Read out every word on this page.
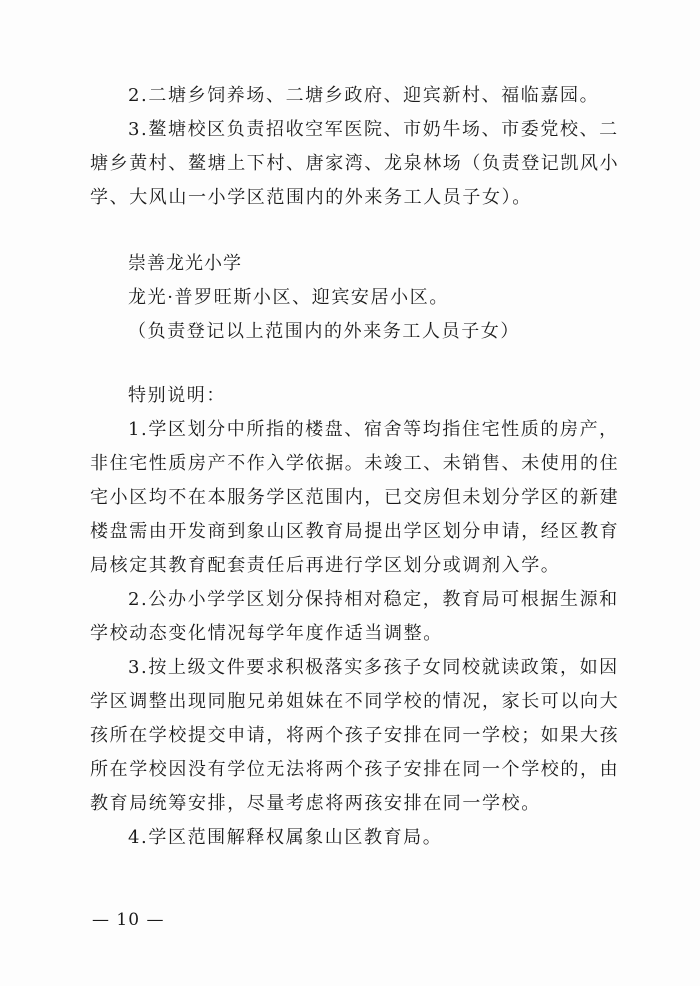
2.二塘乡饲养场、二塘乡政府、迎宾新村、福临嘉园。
3.鳌塘校区负责招收空军医院、市奶牛场、市委党校、二
塘乡黄村、鳌塘上下村、唐家湾、龙泉林场（负责登记凯风小
学、大风山一小学区范围内的外来务工人员子女）。
崇善龙光小学
龙光·普罗旺斯小区、迎宾安居小区。
（负责登记以上范围内的外来务工人员子女）
特别说明：
1.学区划分中所指的楼盘、宿舍等均指住宅性质的房产，
非住宅性质房产不作入学依据。未竣工、未销售、未使用的住
宅小区均不在本服务学区范围内，已交房但未划分学区的新建
楼盘需由开发商到象山区教育局提出学区划分申请，经区教育
局核定其教育配套责任后再进行学区划分或调剂入学。
2.公办小学学区划分保持相对稳定，教育局可根据生源和
学校动态变化情况每学年度作适当调整。
3.按上级文件要求积极落实多孩子女同校就读政策，如因
学区调整出现同胞兄弟姐妹在不同学校的情况，家长可以向大
孩所在学校提交申请，将两个孩子安排在同一学校；如果大孩
所在学校因没有学位无法将两个孩子安排在同一个学校的，由
教育局统筹安排，尽量考虑将两孩安排在同一学校。
4.学区范围解释权属象山区教育局。
— 10 —
